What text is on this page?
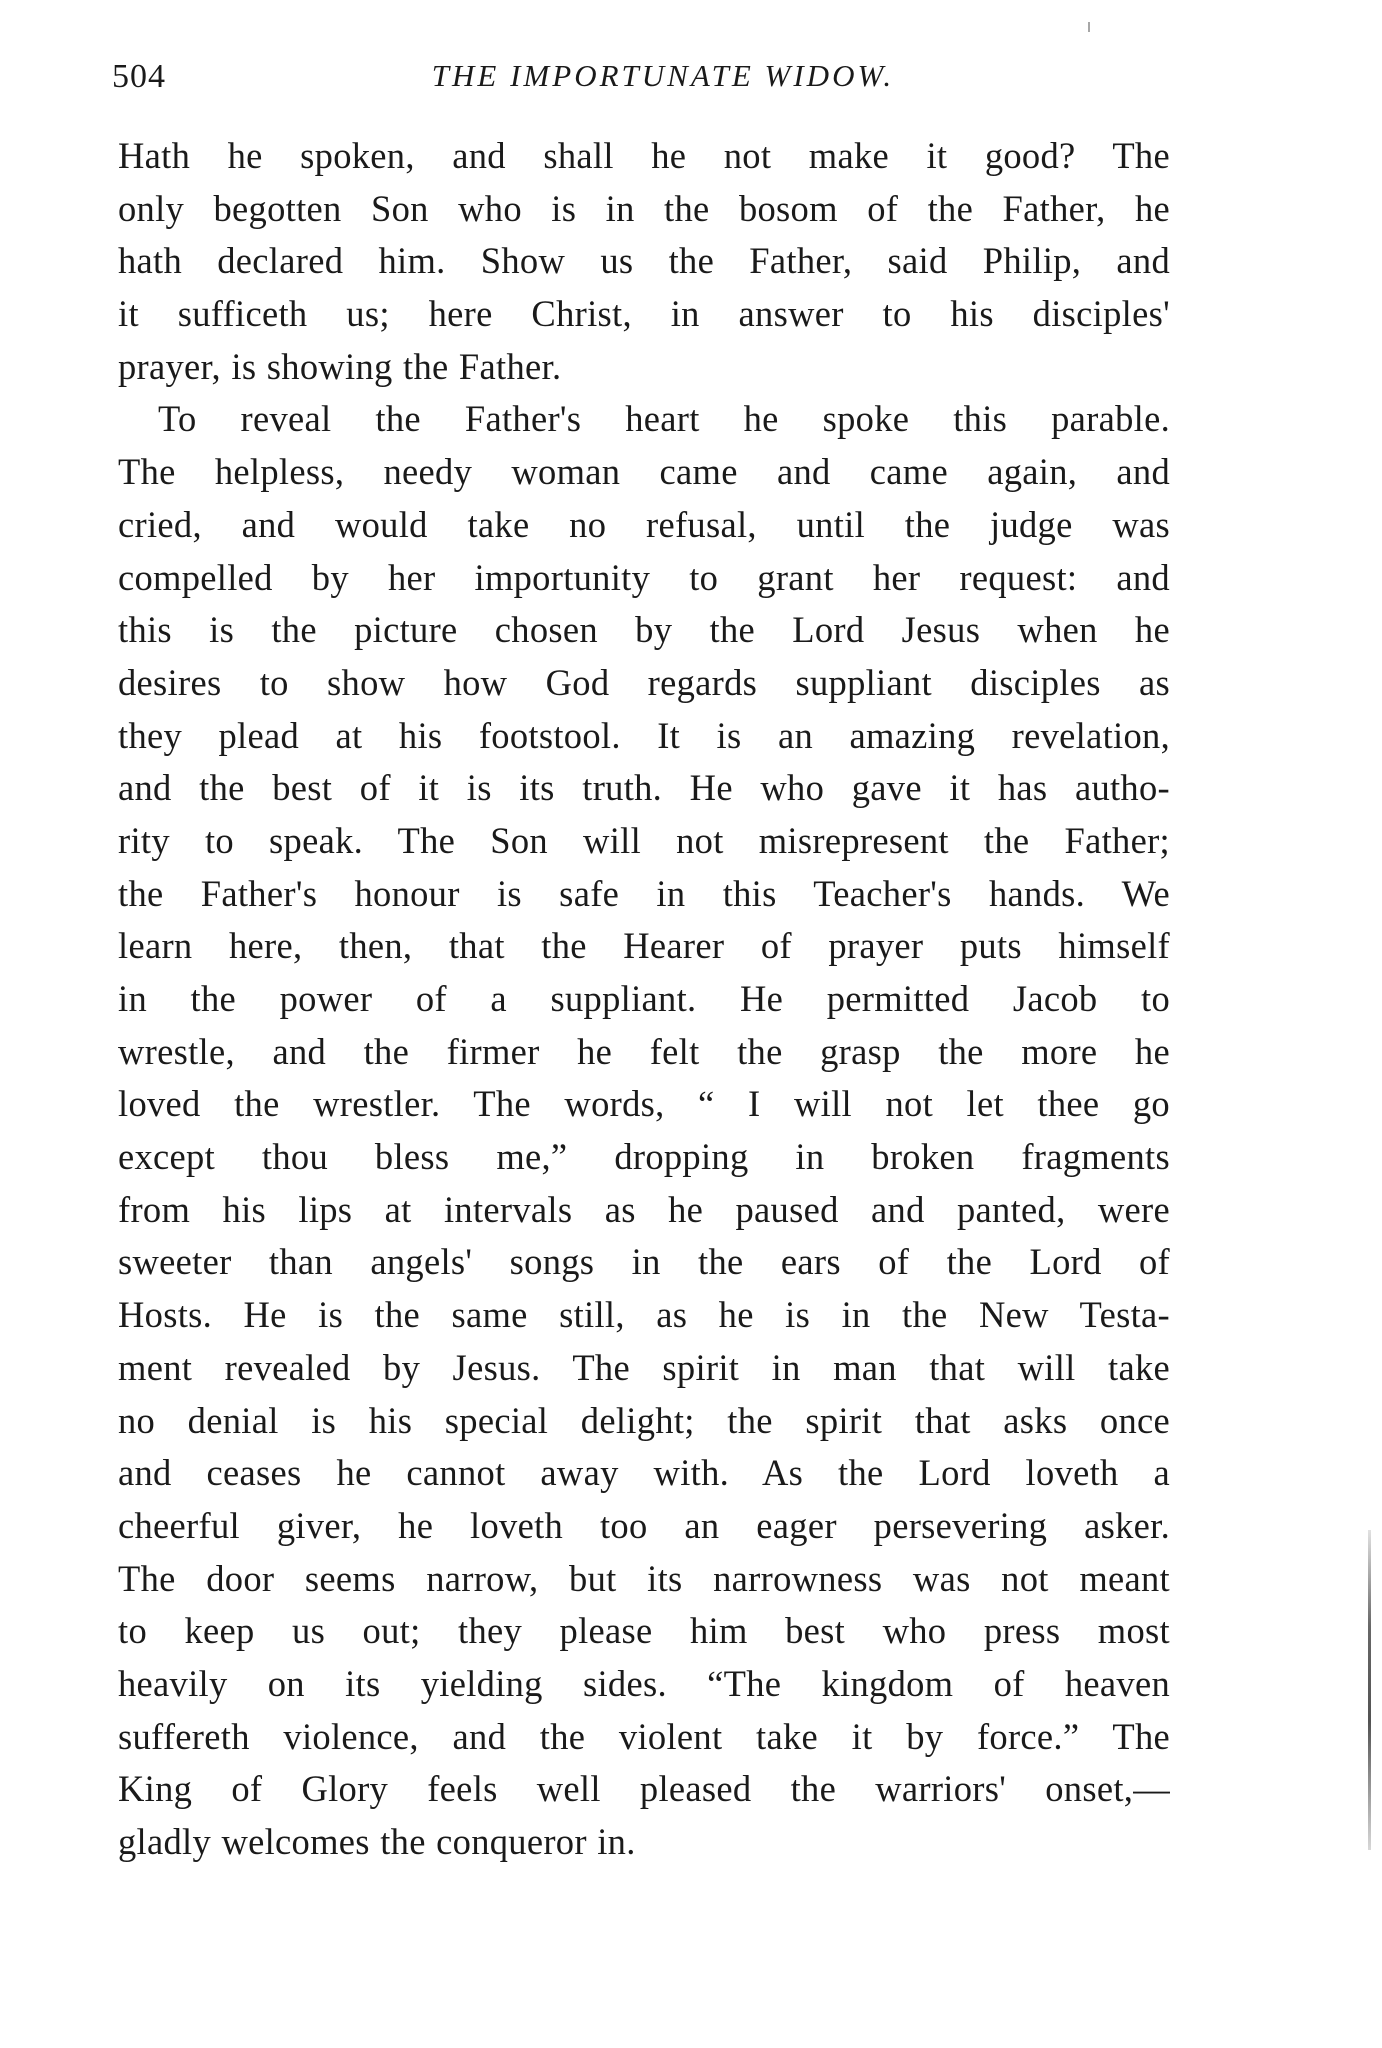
504	THE IMPORTUNATE WIDOW.
Hath he spoken, and shall he not make it good? The
only begotten Son who is in the bosom of the Father, he
hath declared him. Show us the Father, said Philip, and
it sufficeth us; here Christ, in answer to his disciples'
prayer, is showing the Father.
To reveal the Father's heart he spoke this parable.
The helpless, needy woman came and came again, and
cried, and would take no refusal, until the judge was
compelled by her importunity to grant her request: and
this is the picture chosen by the Lord Jesus when he
desires to show how God regards suppliant disciples as
they plead at his footstool. It is an amazing revelation,
and the best of it is its truth. He who gave it has autho-
rity to speak. The Son will not misrepresent the Father;
the Father's honour is safe in this Teacher's hands. We
learn here, then, that the Hearer of prayer puts himself
in the power of a suppliant. He permitted Jacob to
wrestle, and the firmer he felt the grasp the more he
loved the wrestler. The words, “ I will not let thee go
except thou bless me,” dropping in broken fragments
from his lips at intervals as he paused and panted, were
sweeter than angels' songs in the ears of the Lord of
Hosts. He is the same still, as he is in the New Testa-
ment revealed by Jesus. The spirit in man that will take
no denial is his special delight; the spirit that asks once
and ceases he cannot away with. As the Lord loveth a
cheerful giver, he loveth too an eager persevering asker.
The door seems narrow, but its narrowness was not meant
to keep us out; they please him best who press most
heavily on its yielding sides. “The kingdom of heaven
suffereth violence, and the violent take it by force.” The
King of Glory feels well pleased the warriors' onset,—
gladly welcomes the conqueror in.
